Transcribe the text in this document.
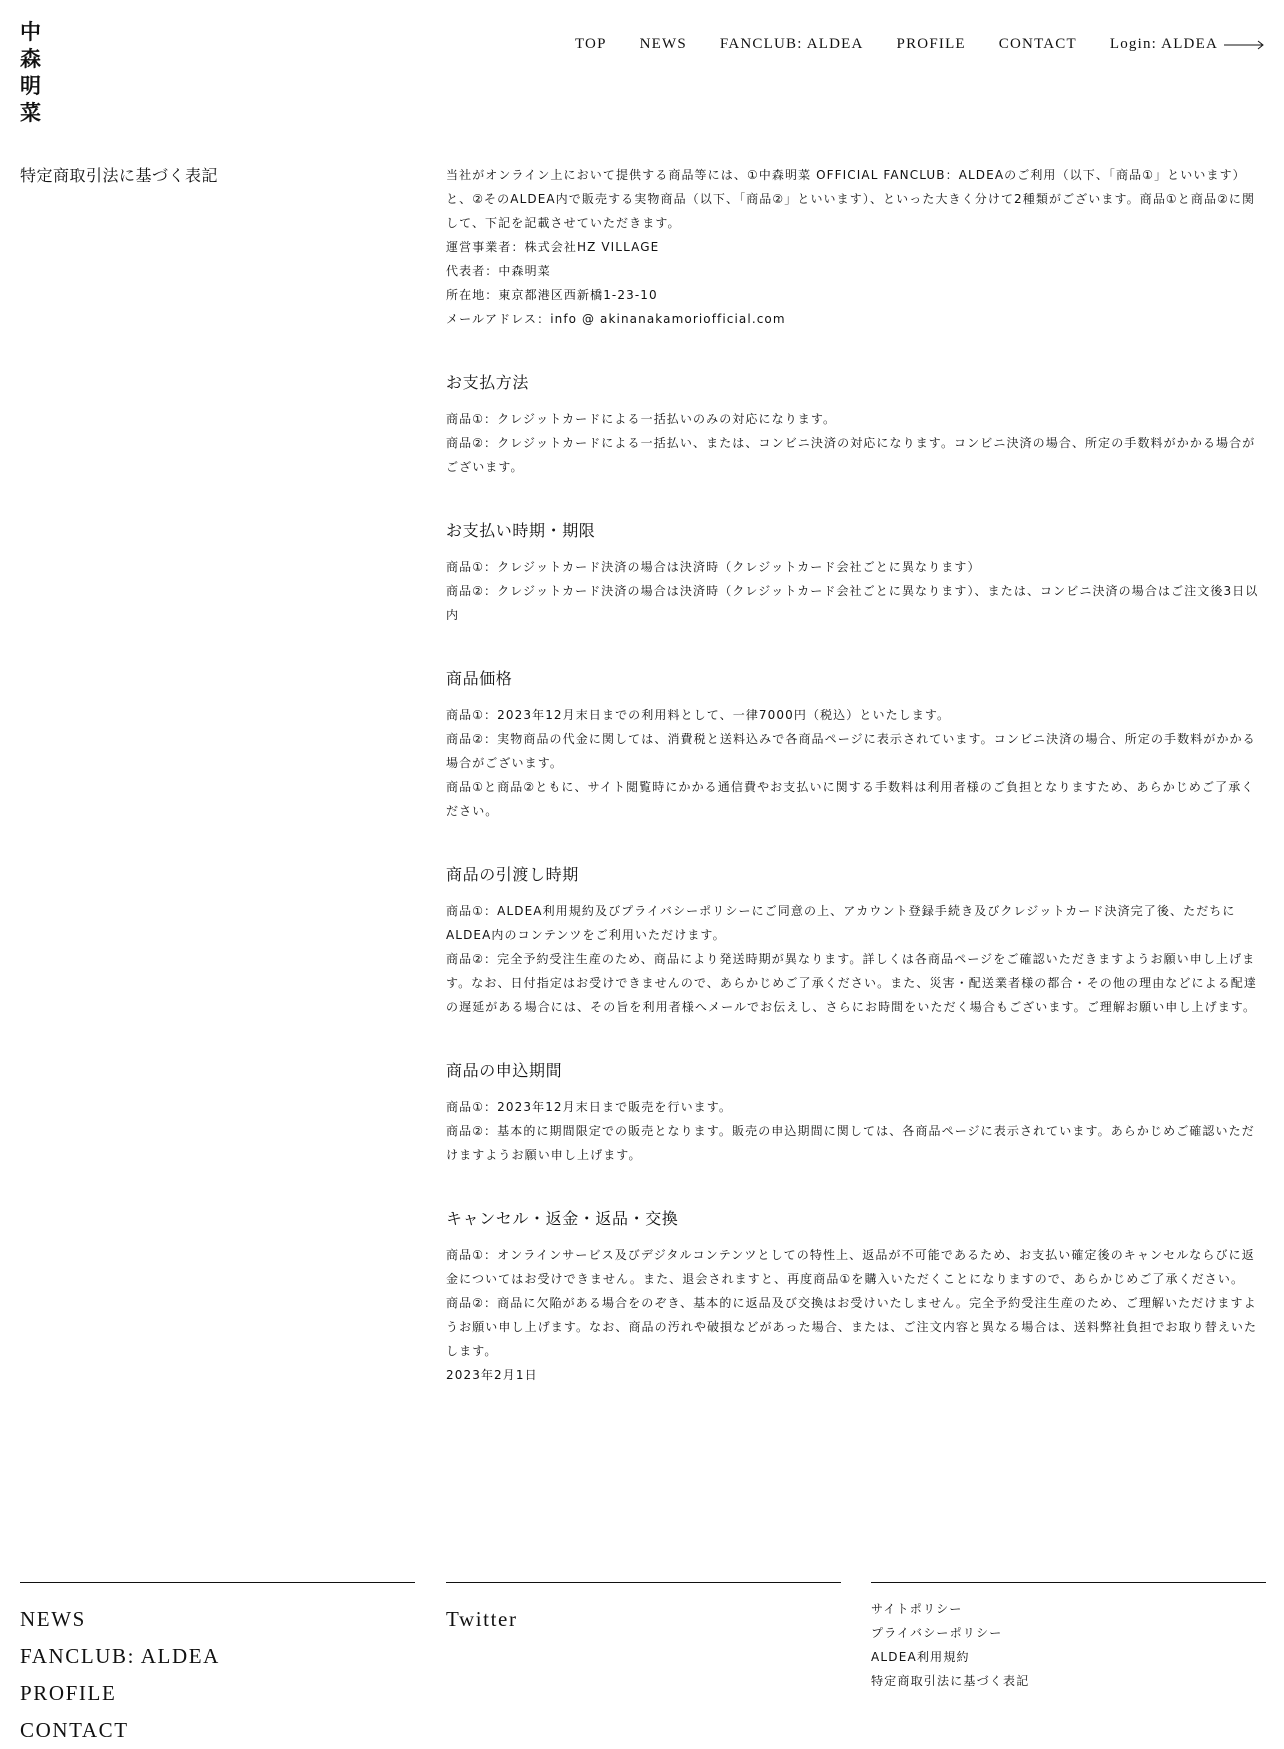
中森
明菜
TOP NEWS FANCLUB: ALDEA PROFILE CONTACT Login: ALDEA
特定商取引法に基づく表記	当社がオンライン上において提供する商品等には、①中森明菜 OFFICIAL FANCLUB：ALDEAのご利用（以下、「商品①」といいます）と、②そのALDEA内で販売する実物商品（以下、「商品②」といいます）、といった大きく分けて2種類がございます。商品①と商品②に関して、下記を記載させていただきます。

運営事業者：株式会社HZ VILLAGE

代表者：中森明菜

所在地：東京都港区西新橋1-23-10

メールアドレス：info @ akinanakamoriofficial.com

お支払方法

商品①：クレジットカードによる一括払いのみの対応になります。

商品②：クレジットカードによる一括払い、または、コンビニ決済の対応になります。コンビニ決済の場合、所定の手数料がかかる場合がございます。

お支払い時期・期限

商品①：クレジットカード決済の場合は決済時（クレジットカード会社ごとに異なります）

商品②：クレジットカード決済の場合は決済時（クレジットカード会社ごとに異なります）、または、コンビニ決済の場合はご注文後3日以内

商品価格

商品①：2023年12月末日までの利用料として、一律7000円（税込）といたします。

商品②：実物商品の代金に関しては、消費税と送料込みで各商品ページに表示されています。コンビニ決済の場合、所定の手数料がかかる場合がございます。

商品①と商品②ともに、サイト閲覧時にかかる通信費やお支払いに関する手数料は利用者様のご負担となりますため、あらかじめご了承ください。

商品の引渡し時期

商品①：ALDEA利用規約及びプライバシーポリシーにご同意の上、アカウント登録手続き及びクレジットカード決済完了後、ただちにALDEA内のコンテンツをご利用いただけます。

商品②：完全予約受注生産のため、商品により発送時期が異なります。詳しくは各商品ページをご確認いただきますようお願い申し上げます。なお、日付指定はお受けできませんので、あらかじめご了承ください。また、災害・配送業者様の都合・その他の理由などによる配達の遅延がある場合には、その旨を利用者様へメールでお伝えし、さらにお時間をいただく場合もございます。ご理解お願い申し上げます。

商品の申込期間

商品①：2023年12月末日まで販売を行います。

商品②：基本的に期間限定での販売となります。販売の申込期間に関しては、各商品ページに表示されています。あらかじめご確認いただけますようお願い申し上げます。

キャンセル・返金・返品・交換

商品①：オンラインサービス及びデジタルコンテンツとしての特性上、返品が不可能であるため、お支払い確定後のキャンセルならびに返金についてはお受けできません。また、退会されますと、再度商品①を購入いただくことになりますので、あらかじめご了承ください。

商品②：商品に欠陥がある場合をのぞき、基本的に返品及び交換はお受けいたしません。完全予約受注生産のため、ご理解いただけますようお願い申し上げます。なお、商品の汚れや破損などがあった場合、または、ご注文内容と異なる場合は、送料弊社負担でお取り替えいたします。

2023年2月1日

NEWS
FANCLUB: ALDEA
PROFILE
CONTACT
Twitter	サイトポリシー
プライバシーポリシー
ALDEA利用規約
特定商取引法に基づく表記
